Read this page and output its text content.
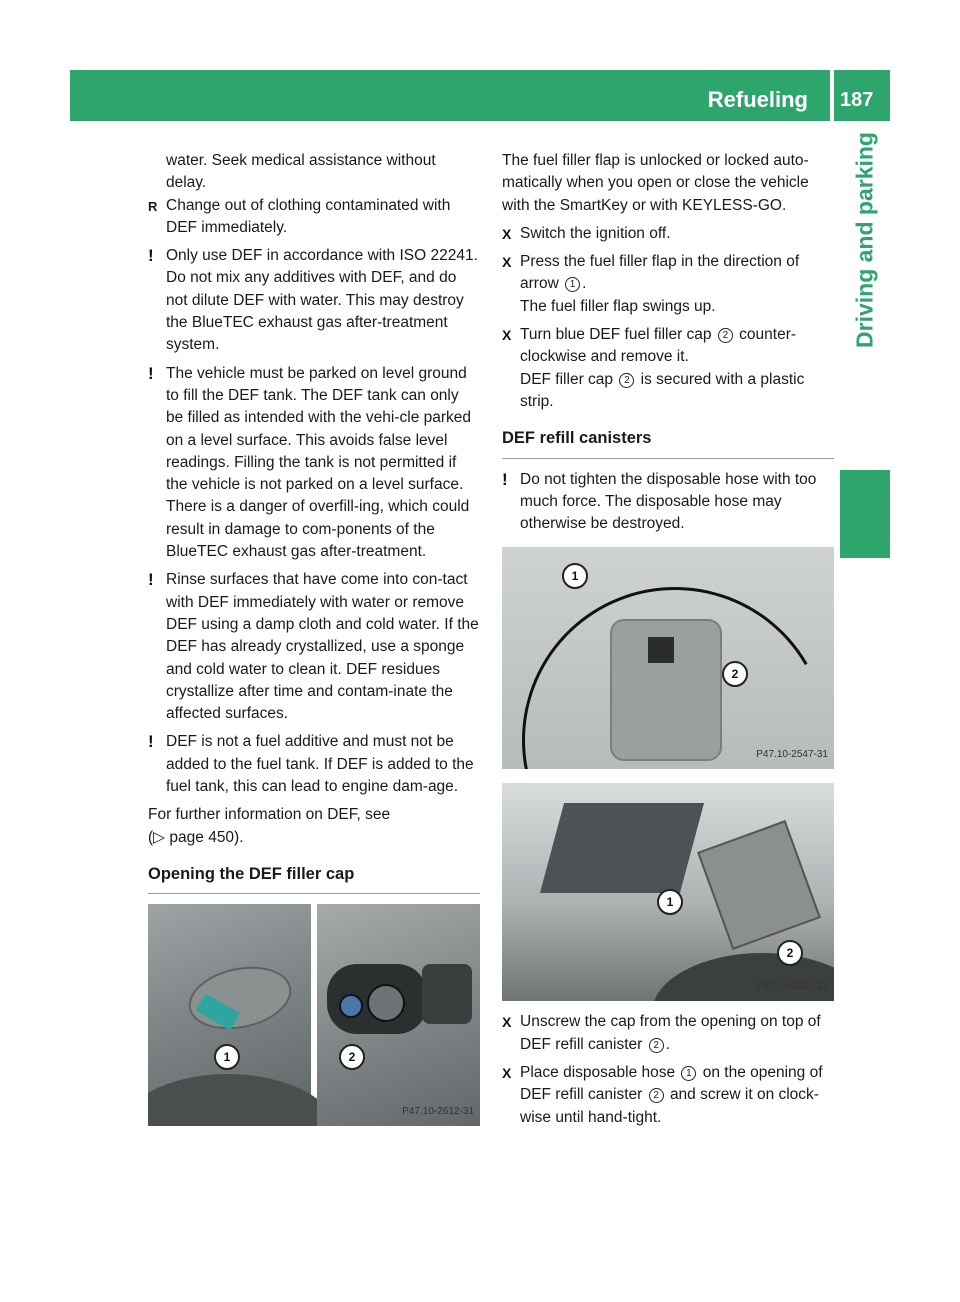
Refueling	187
Driving and parking

water. Seek medical assistance without
delay.

R Change out of clothing contaminated with DEF immediately.

! Only use DEF in accordance with ISO 22241. Do not mix any additives with DEF, and do not dilute DEF with water. This may destroy the BlueTEC exhaust gas after-treatment system.

! The vehicle must be parked on level ground to fill the DEF tank. The DEF tank can only be filled as intended with the vehi-cle parked on a level surface. This avoids false level readings. Filling the tank is not permitted if the vehicle is not parked on a level surface. There is a danger of overfill-ing, which could result in damage to com-ponents of the BlueTEC exhaust gas after-treatment.

! Rinse surfaces that have come into con-tact with DEF immediately with water or remove DEF using a damp cloth and cold water. If the DEF has already crystallized, use a sponge and cold water to clean it. DEF residues crystallize after time and contam-inate the affected surfaces.

! DEF is not a fuel additive and must not be added to the fuel tank. If DEF is added to the fuel tank, this can lead to engine dam-age.

For further information on DEF, see
(▷ page 450).

Opening the DEF filler cap
1	2
P47.10-2612-31

The fuel filler flap is unlocked or locked auto-matically when you open or close the vehicle with the SmartKey or with KEYLESS-GO.

X Switch the ignition off.

X Press the fuel filler flap in the direction of arrow 1 .

The fuel filler flap swings up.

X Turn blue DEF fuel filler cap 2 counter-clockwise and remove it.

DEF filler cap 2 is secured with a plastic strip.

DEF refill canisters

! Do not tighten the disposable hose with too much force. The disposable hose may otherwise be destroyed.

1
2
P47.10-2547-31
1
2
P47.10-2611-31

X Unscrew the cap from the opening on top of DEF refill canister 2 .

X Place disposable hose 1 on the opening of DEF refill canister 2 and screw it on clock-wise until hand-tight.
